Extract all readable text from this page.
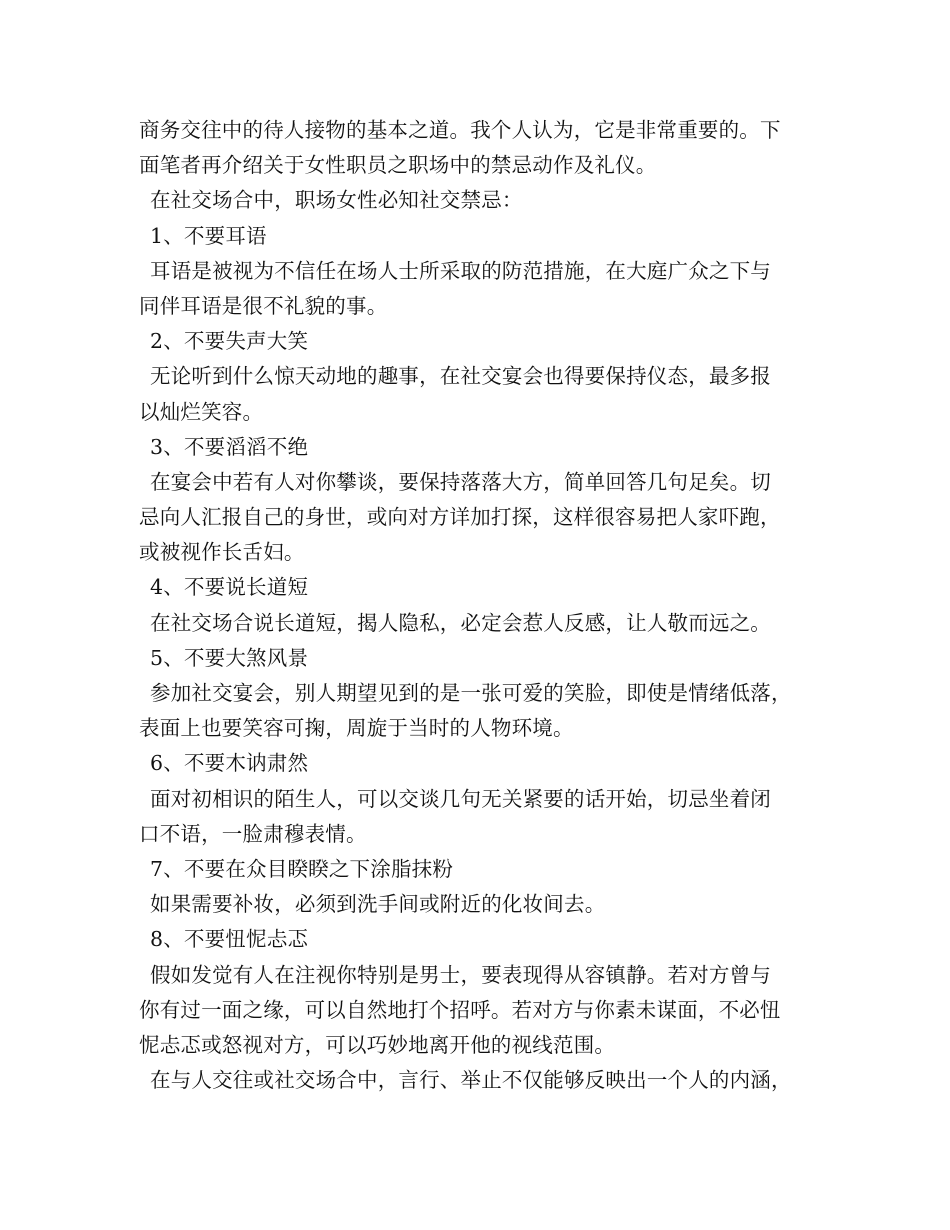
商务交往中的待人接物的基本之道。我个人认为，它是非常重要的。下
面笔者再介绍关于女性职员之职场中的禁忌动作及礼仪。
在社交场合中，职场女性必知社交禁忌：
1、不要耳语
耳语是被视为不信任在场人士所采取的防范措施，在大庭广众之下与
同伴耳语是很不礼貌的事。
2、不要失声大笑
无论听到什么惊天动地的趣事，在社交宴会也得要保持仪态，最多报
以灿烂笑容。
3、不要滔滔不绝
在宴会中若有人对你攀谈，要保持落落大方，简单回答几句足矣。切
忌向人汇报自己的身世，或向对方详加打探，这样很容易把人家吓跑，
或被视作长舌妇。
4、不要说长道短
在社交场合说长道短，揭人隐私，必定会惹人反感，让人敬而远之。
5、不要大煞风景
参加社交宴会，别人期望见到的是一张可爱的笑脸，即使是情绪低落，
表面上也要笑容可掬，周旋于当时的人物环境。
6、不要木讷肃然
面对初相识的陌生人，可以交谈几句无关紧要的话开始，切忌坐着闭
口不语，一脸肃穆表情。
7、不要在众目睽睽之下涂脂抹粉
如果需要补妆，必须到洗手间或附近的化妆间去。
8、不要忸怩忐忑
假如发觉有人在注视你特别是男士，要表现得从容镇静。若对方曾与
你有过一面之缘，可以自然地打个招呼。若对方与你素未谋面，不必忸
怩忐忑或怒视对方，可以巧妙地离开他的视线范围。
在与人交往或社交场合中，言行、举止不仅能够反映出一个人的内涵，
